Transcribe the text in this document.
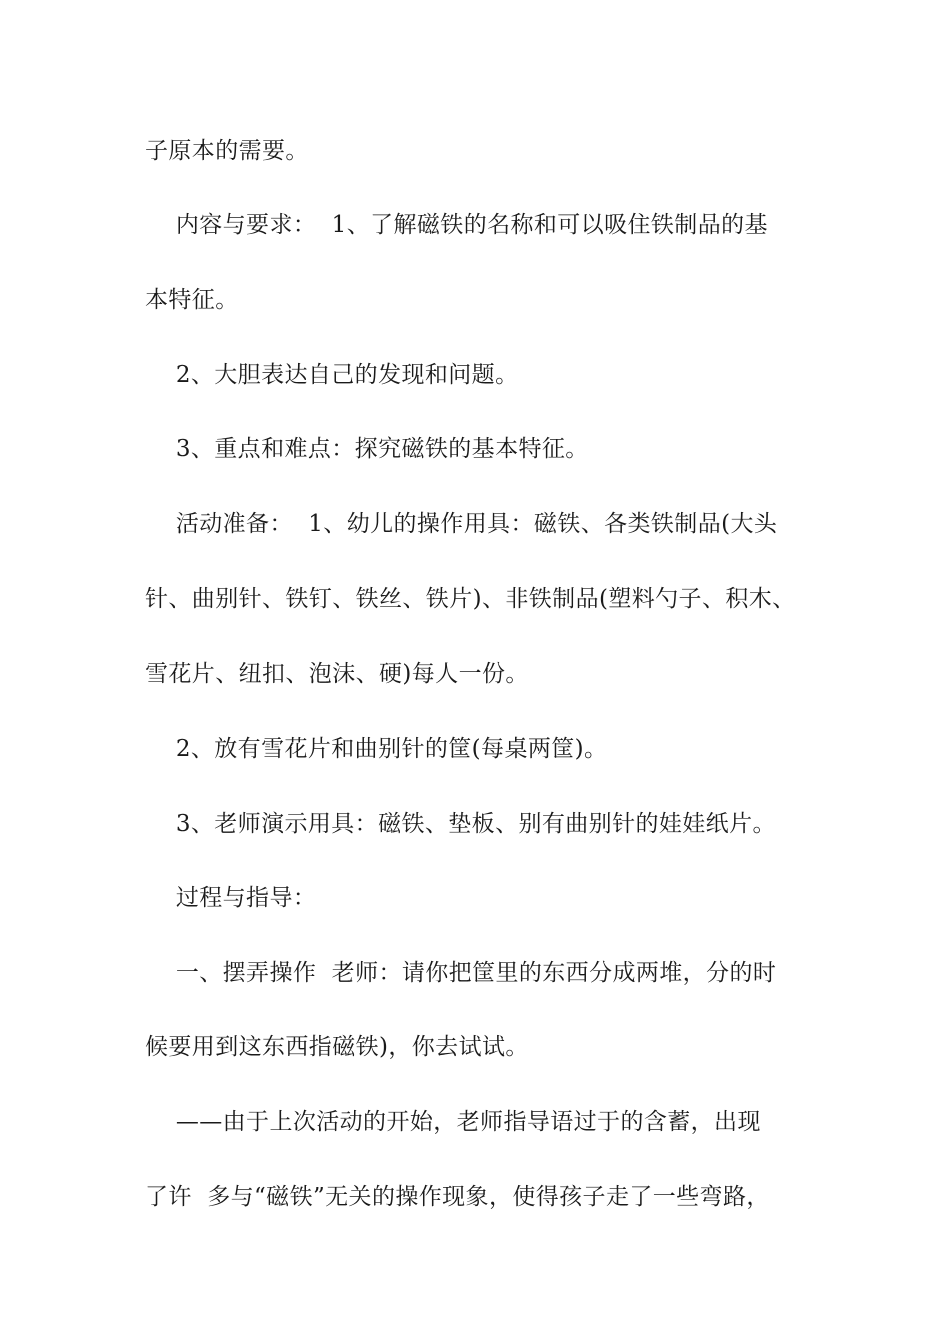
子原本的需要。

内容与要求：  1、了解磁铁的名称和可以吸住铁制品的基

本特征。

2、大胆表达自己的发现和问题。

3、重点和难点：探究磁铁的基本特征。

活动准备：  1、幼儿的操作用具：磁铁、各类铁制品(大头

针、曲别针、铁钉、铁丝、铁片)、非铁制品(塑料勺子、积木、

雪花片、纽扣、泡沫、硬)每人一份。

2、放有雪花片和曲别针的筐(每桌两筐)。

3、老师演示用具：磁铁、垫板、别有曲别针的娃娃纸片。

过程与指导：

一、摆弄操作  老师：请你把筐里的东西分成两堆，分的时

候要用到这东西指磁铁)，你去试试。

——由于上次活动的开始，老师指导语过于的含蓄，出现

了许  多与“磁铁”无关的操作现象，使得孩子走了一些弯路，
